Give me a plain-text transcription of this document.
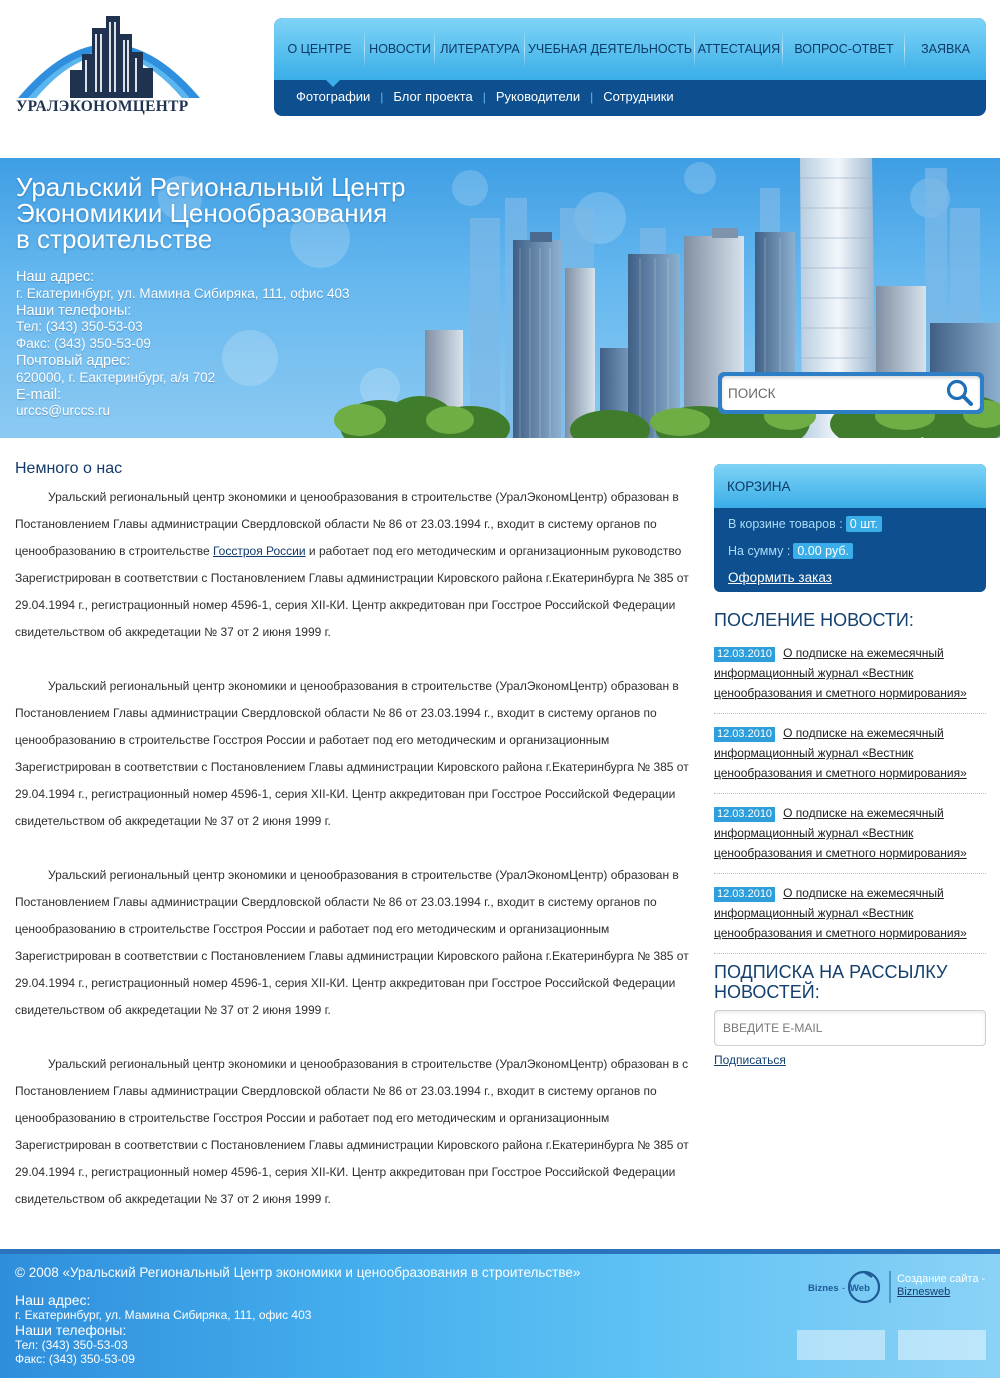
УРАЛЭКОНОМЦЕНТР
О ЦЕНТРЕ	НОВОСТИ ЛИТЕРАТУРА УЧЕБНАЯ ДЕЯТЕЛЬНОСТЬ АТТЕСТАЦИЯ	ВОПРОС-ОТВЕТ	ЗАЯВКА
Фотографии | Блог проекта | Руководители | Сотрудники
Уральский Региональный Центр
Экономикии Ценообразования
в строительстве
Наш адрес:
г. Екатеринбург, ул. Мамина Сибиряка, 111, офис 403
Наши телефоны:
Тел: (343) 350-53-03
Факс: (343) 350-53-09
Почтовый адрес:
620000, г. Еактеринбург, а/я 702
E-mail:
urccs@urccs.ru
ПОИСК
Немного о нас

Уральский региональный центр экономики и ценообразования в строительстве (УралЭкономЦентр) образован в Постановлением Главы администрации Свердловской области № 86 от 23.03.1994 г., входит в систему органов по ценообразованию в строительстве Госстроя России и работает под его методическим и организационным руководство Зарегистрирован в соответствии с Постановлением Главы администрации Кировского района г.Екатеринбурга № 385 от 29.04.1994 г., регистрационный номер 4596-1, серия XII-КИ. Центр аккредитован при Госстрое Российской Федерации свидетельством об аккредетации № 37 от 2 июня 1999 г.

Уральский региональный центр экономики и ценообразования в строительстве (УралЭкономЦентр) образован в Постановлением Главы администрации Свердловской области № 86 от 23.03.1994 г., входит в систему органов по ценообразованию в строительстве Госстроя России и работает под его методическим и организационным Зарегистрирован в соответствии с Постановлением Главы администрации Кировского района г.Екатеринбурга № 385 от 29.04.1994 г., регистрационный номер 4596-1, серия XII-КИ. Центр аккредитован при Госстрое Российской Федерации свидетельством об аккредетации № 37 от 2 июня 1999 г.

Уральский региональный центр экономики и ценообразования в строительстве (УралЭкономЦентр) образован в Постановлением Главы администрации Свердловской области № 86 от 23.03.1994 г., входит в систему органов по ценообразованию в строительстве Госстроя России и работает под его методическим и организационным Зарегистрирован в соответствии с Постановлением Главы администрации Кировского района г.Екатеринбурга № 385 от 29.04.1994 г., регистрационный номер 4596-1, серия XII-КИ. Центр аккредитован при Госстрое Российской Федерации свидетельством об аккредетации № 37 от 2 июня 1999 г.

Уральский региональный центр экономики и ценообразования в строительстве (УралЭкономЦентр) образован в с Постановлением Главы администрации Свердловской области № 86 от 23.03.1994 г., входит в систему органов по ценообразованию в строительстве Госстроя России и работает под его методическим и организационным Зарегистрирован в соответствии с Постановлением Главы администрации Кировского района г.Екатеринбурга № 385 от 29.04.1994 г., регистрационный номер 4596-1, серия XII-КИ. Центр аккредитован при Госстрое Российской Федерации свидетельством об аккредетации № 37 от 2 июня 1999 г.

КОРЗИНА
В корзине товаров : 0 шт.
На сумму : 0.00 руб.
Оформить заказ
ПОСЛЕНИЕ НОВОСТИ:
12.03.2010 О подписке на ежемесячный информационный журнал «Вестник ценообразования и сметного нормирования»
12.03.2010 О подписке на ежемесячный информационный журнал «Вестник ценообразования и сметного нормирования»
12.03.2010 О подписке на ежемесячный информационный журнал «Вестник ценообразования и сметного нормирования»
12.03.2010 О подписке на ежемесячный информационный журнал «Вестник ценообразования и сметного нормирования»
ПОДПИСКА НА РАССЫЛКУ
НОВОСТЕЙ:
ВВЕДИТЕ E-MAIL
Подписаться
© 2008 «Уральский Региональный Центр экономики и ценообразования в строительстве»
Наш адрес:
г. Екатеринбург, ул. Мамина Сибиряка, 111, офис 403
Наши телефоны:
Тел: (343) 350-53-03
Факс: (343) 350-53-09
Biznes - Web
Создание сайта -
Biznesweb
